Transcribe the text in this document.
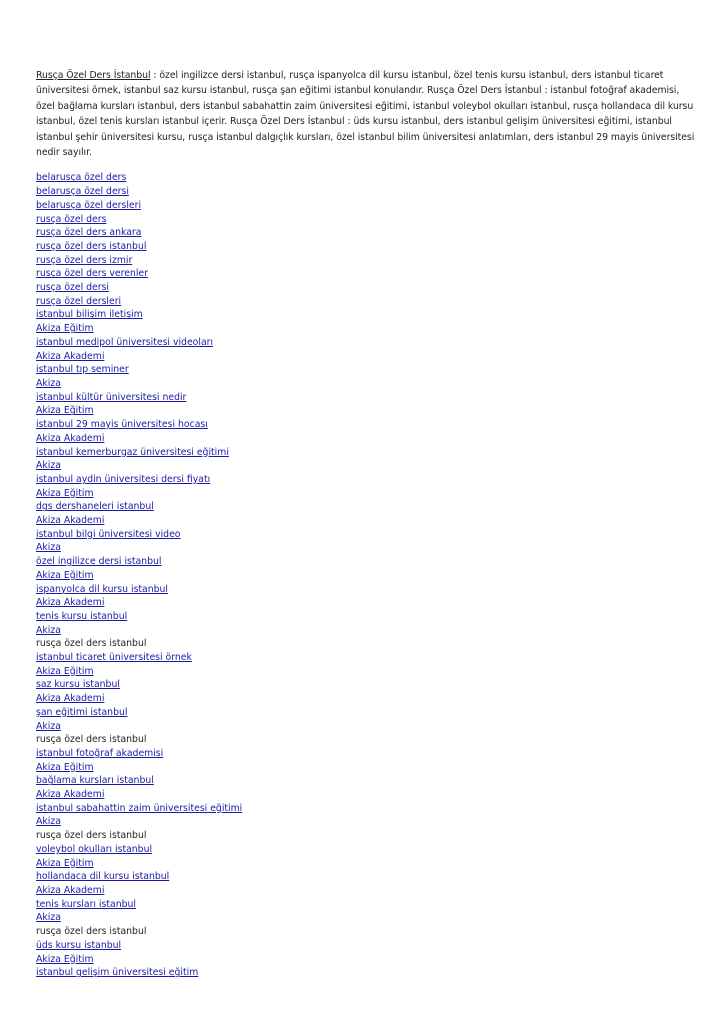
Rusça Özel Ders İstanbul : özel ingilizce dersi istanbul, rusça ispanyolca dil kursu istanbul, özel tenis kursu istanbul, ders istanbul ticaret üniversitesi örnek, istanbul saz kursu istanbul, rusça şan eğitimi istanbul konulandır. Rusça Özel Ders İstanbul : istanbul fotoğraf akademisi, özel bağlama kursları istanbul, ders istanbul sabahattin zaim üniversitesi eğitimi, istanbul voleybol okulları istanbul, rusça hollandaca dil kursu istanbul, özel tenis kursları istanbul içerir. Rusça Özel Ders İstanbul : üds kursu istanbul, ders istanbul gelişim üniversitesi eğitimi, istanbul istanbul şehir üniversitesi kursu, rusça istanbul dalgıçlık kursları, özel istanbul bilim üniversitesi anlatımları, ders istanbul 29 mayis üniversitesi nedir sayılır.

belarusça özel ders
belarusça özel dersi
belarusça özel dersleri
rusça özel ders
rusça özel ders ankara
rusça özel ders istanbul
rusça özel ders izmir
rusça özel ders verenler
rusça özel dersi
rusça özel dersleri
istanbul bilişim iletişim
Akiza Eğitim
istanbul medipol üniversitesi videoları
Akiza Akademi
istanbul tıp seminer
Akiza
istanbul kültür üniversitesi nedir
Akiza Eğitim
istanbul 29 mayis üniversitesi hocası
Akiza Akademi
istanbul kemerburgaz üniversitesi eğitimi
Akiza
istanbul aydin üniversitesi dersi fiyatı
Akiza Eğitim
dgs dershaneleri istanbul
Akiza Akademi
istanbul bilgi üniversitesi video
Akiza
özel ingilizce dersi istanbul
Akiza Eğitim
ispanyolca dil kursu istanbul
Akiza Akademi
tenis kursu istanbul
Akiza
rusça özel ders istanbul
istanbul ticaret üniversitesi örnek
Akiza Eğitim
saz kursu istanbul
Akiza Akademi
şan eğitimi istanbul
Akiza
rusça özel ders istanbul
istanbul fotoğraf akademisi
Akiza Eğitim
bağlama kursları istanbul
Akiza Akademi
istanbul sabahattin zaim üniversitesi eğitimi
Akiza
rusça özel ders istanbul
voleybol okulları istanbul
Akiza Eğitim
hollandaca dil kursu istanbul
Akiza Akademi
tenis kursları istanbul
Akiza
rusça özel ders istanbul
üds kursu istanbul
Akiza Eğitim
istanbul gelişim üniversitesi eğitim
